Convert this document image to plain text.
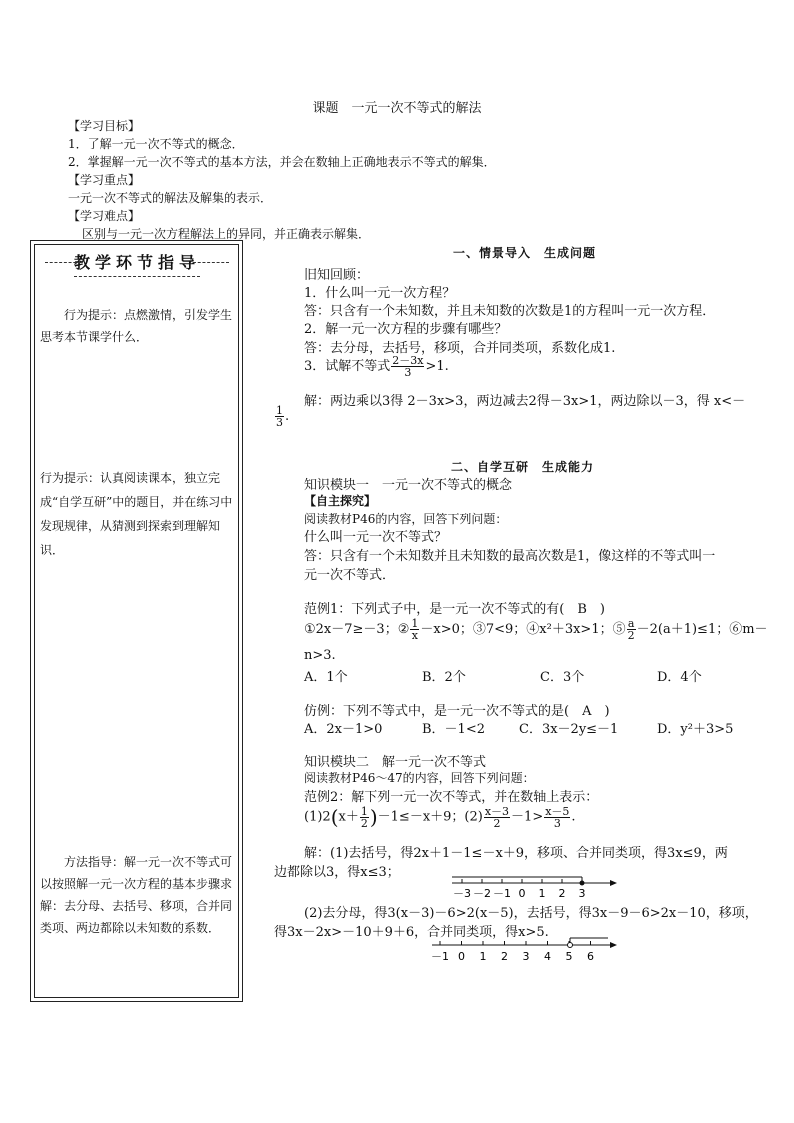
课题　一元一次不等式的解法
【学习目标】
1．了解一元一次不等式的概念．
2．掌握解一元一次不等式的基本方法，并会在数轴上正确地表示不等式的解集．
【学习重点】
一元一次不等式的解法及解集的表示．
【学习难点】
区别与一元一次方程解法上的异同，并正确表示解集．
教学环节指导
行为提示：点燃激情，引发学生思考本节课学什么．
行为提示：认真阅读课本，独立完成“自学互研”中的题目，并在练习中发现规律，从猜测到探索到理解知识．
方法指导：解一元一次不等式可以按照解一元一次方程的基本步骤求解：去分母、去括号、移项，合并同类项、两边都除以未知数的系数．
一、情景导入　生成问题
旧知回顾：
1．什么叫一元一次方程？
答：只含有一个未知数，并且未知数的次数是1的方程叫一元一次方程．
2．解一元一次方程的步骤有哪些？
答：去分母，去括号，移项，合并同类项，系数化成1.
3．试解不等式 $\frac{2-3x}{3} >1$.
解：两边乘以3得 2－3x>3，两边减去2得－3x>1，两边除以－3，得 x<－
$\frac{1}{3}$ .
二、自学互研　生成能力
知识模块一　一元一次不等式的概念
【自主探究】
阅读教材P46的内容，回答下列问题：
什么叫一元一次不等式？
答：只含有一个未知数并且未知数的最高次数是1，像这样的不等式叫一
元一次不等式．
范例1：下列式子中，是一元一次不等式的有(　B　)
①2x－7≥－3；② $\frac{1}{x} -x>0$；③7<9；④x²＋3x>1；⑤ $\frac{a}{2} -2(a+1)\le 1$；⑥m－
n>3.
A．1个	B．2个	C．3个	D．4个
仿例：下列不等式中，是一元一次不等式的是(　A　)
A．2x－1>0	B．－1<2	C．3x－2y≤－1	D．y²＋3>5
知识模块二　解一元一次不等式
阅读教材P46～47的内容，回答下列问题：
范例2：解下列一元一次不等式，并在数轴上表示：
$(1)2(x+ \frac{1}{2} )-1\le-x+9$；$(2) \frac{x-3}{2} -1> \frac{x-5}{3}$ .
解：(1)去括号，得2x＋1－1≤－x＋9，移项、合并同类项，得3x≤9，两
边都除以3，得x≤3；
－3 －2 －1 0 1 2 3
(2)去分母，得3(x－3)－6>2(x－5)，去括号，得3x－9－6>2x－10，移项，
得3x－2x>－10＋9＋6，合并同类项，得x>5.
－1 0 1 2 3 4 5 6
